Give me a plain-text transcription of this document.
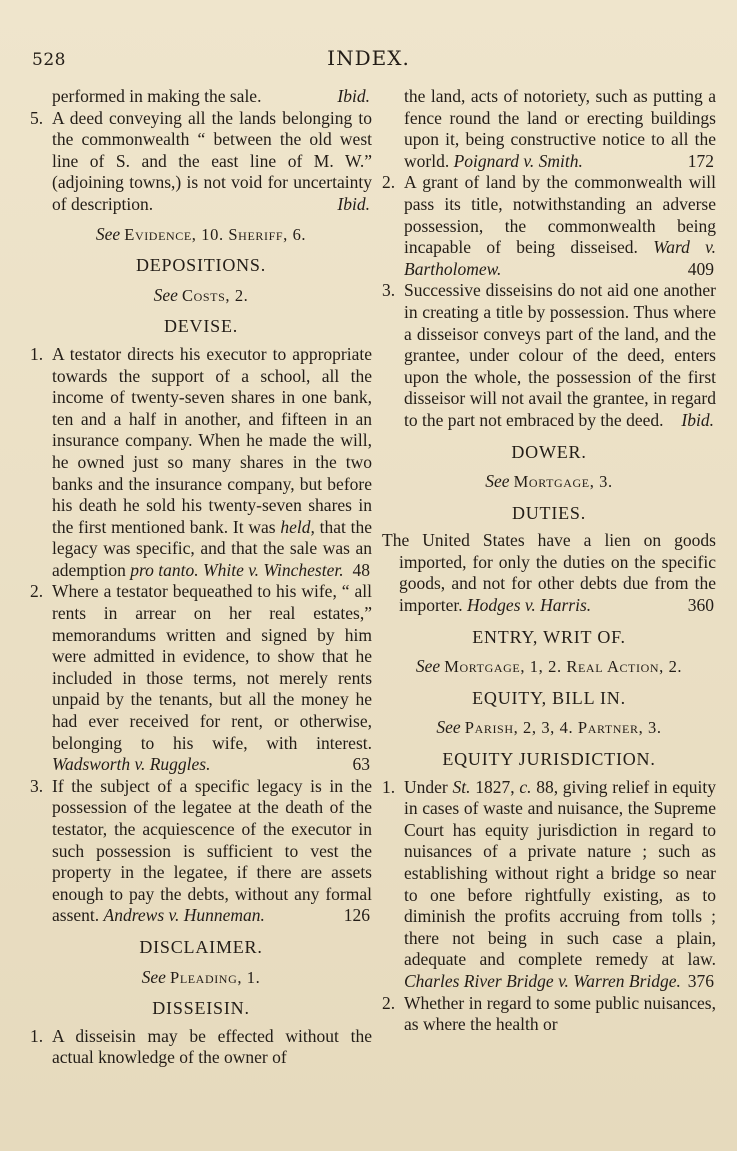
528	INDEX.
performed in making the sale.	Ibid.
5. A deed conveying all the lands belonging to the commonwealth “ between the old west line of S. and the east line of M. W.” (adjoining towns,) is not void for uncertainty of description.	Ibid.
See Evidence, 10. Sheriff, 6.
DEPOSITIONS.
See Costs, 2.
DEVISE.
1. A testator directs his executor to appropriate towards the support of a school, all the income of twenty-seven shares in one bank, ten and a half in another, and fifteen in an insurance company. When he made the will, he owned just so many shares in the two banks and the insurance company, but before his death he sold his twenty-seven shares in the first mentioned bank. It was held, that the legacy was specific, and that the sale was an ademption pro tanto. White v. Winchester. 48
2. Where a testator bequeathed to his wife, “ all rents in arrear on her real estates,” memorandums written and signed by him were admitted in evidence, to show that he included in those terms, not merely rents unpaid by the tenants, but all the money he had ever received for rent, or otherwise, belonging to his wife, with interest. Wadsworth v. Ruggles.	63
3. If the subject of a specific legacy is in the possession of the legatee at the death of the testator, the acquiescence of the executor in such possession is sufficient to vest the property in the legatee, if there are assets enough to pay the debts, without any formal assent. Andrews v. Hunneman.	126
DISCLAIMER.
See Pleading, 1.
DISSEISIN.
1. A disseisin may be effected without the actual knowledge of the owner of
the land, acts of notoriety, such as putting a fence round the land or erecting buildings upon it, being constructive notice to all the world. Poignard v. Smith.	172
2. A grant of land by the commonwealth will pass its title, notwithstanding an adverse possession, the commonwealth being incapable of being disseised. Ward v. Bartholomew.	409
3. Successive disseisins do not aid one another in creating a title by possession. Thus where a disseisor conveys part of the land, and the grantee, under colour of the deed, enters upon the whole, the possession of the first disseisor will not avail the grantee, in regard to the part not embraced by the deed. Ibid.
DOWER.
See Mortgage, 3.
DUTIES.
The United States have a lien on goods imported, for only the duties on the specific goods, and not for other debts due from the importer. Hodges v. Harris.	360
ENTRY, WRIT OF.
See Mortgage, 1, 2. Real Action, 2.
EQUITY, BILL IN.
See Parish, 2, 3, 4. Partner, 3.
EQUITY JURISDICTION.
1. Under St. 1827, c. 88, giving relief in equity in cases of waste and nuisance, the Supreme Court has equity jurisdiction in regard to nuisances of a private nature ; such as establishing without right a bridge so near to one before rightfully existing, as to diminish the profits accruing from tolls ; there not being in such case a plain, adequate and complete remedy at law. Charles River Bridge v. Warren Bridge. 376
2. Whether in regard to some public nuisances, as where the health or
